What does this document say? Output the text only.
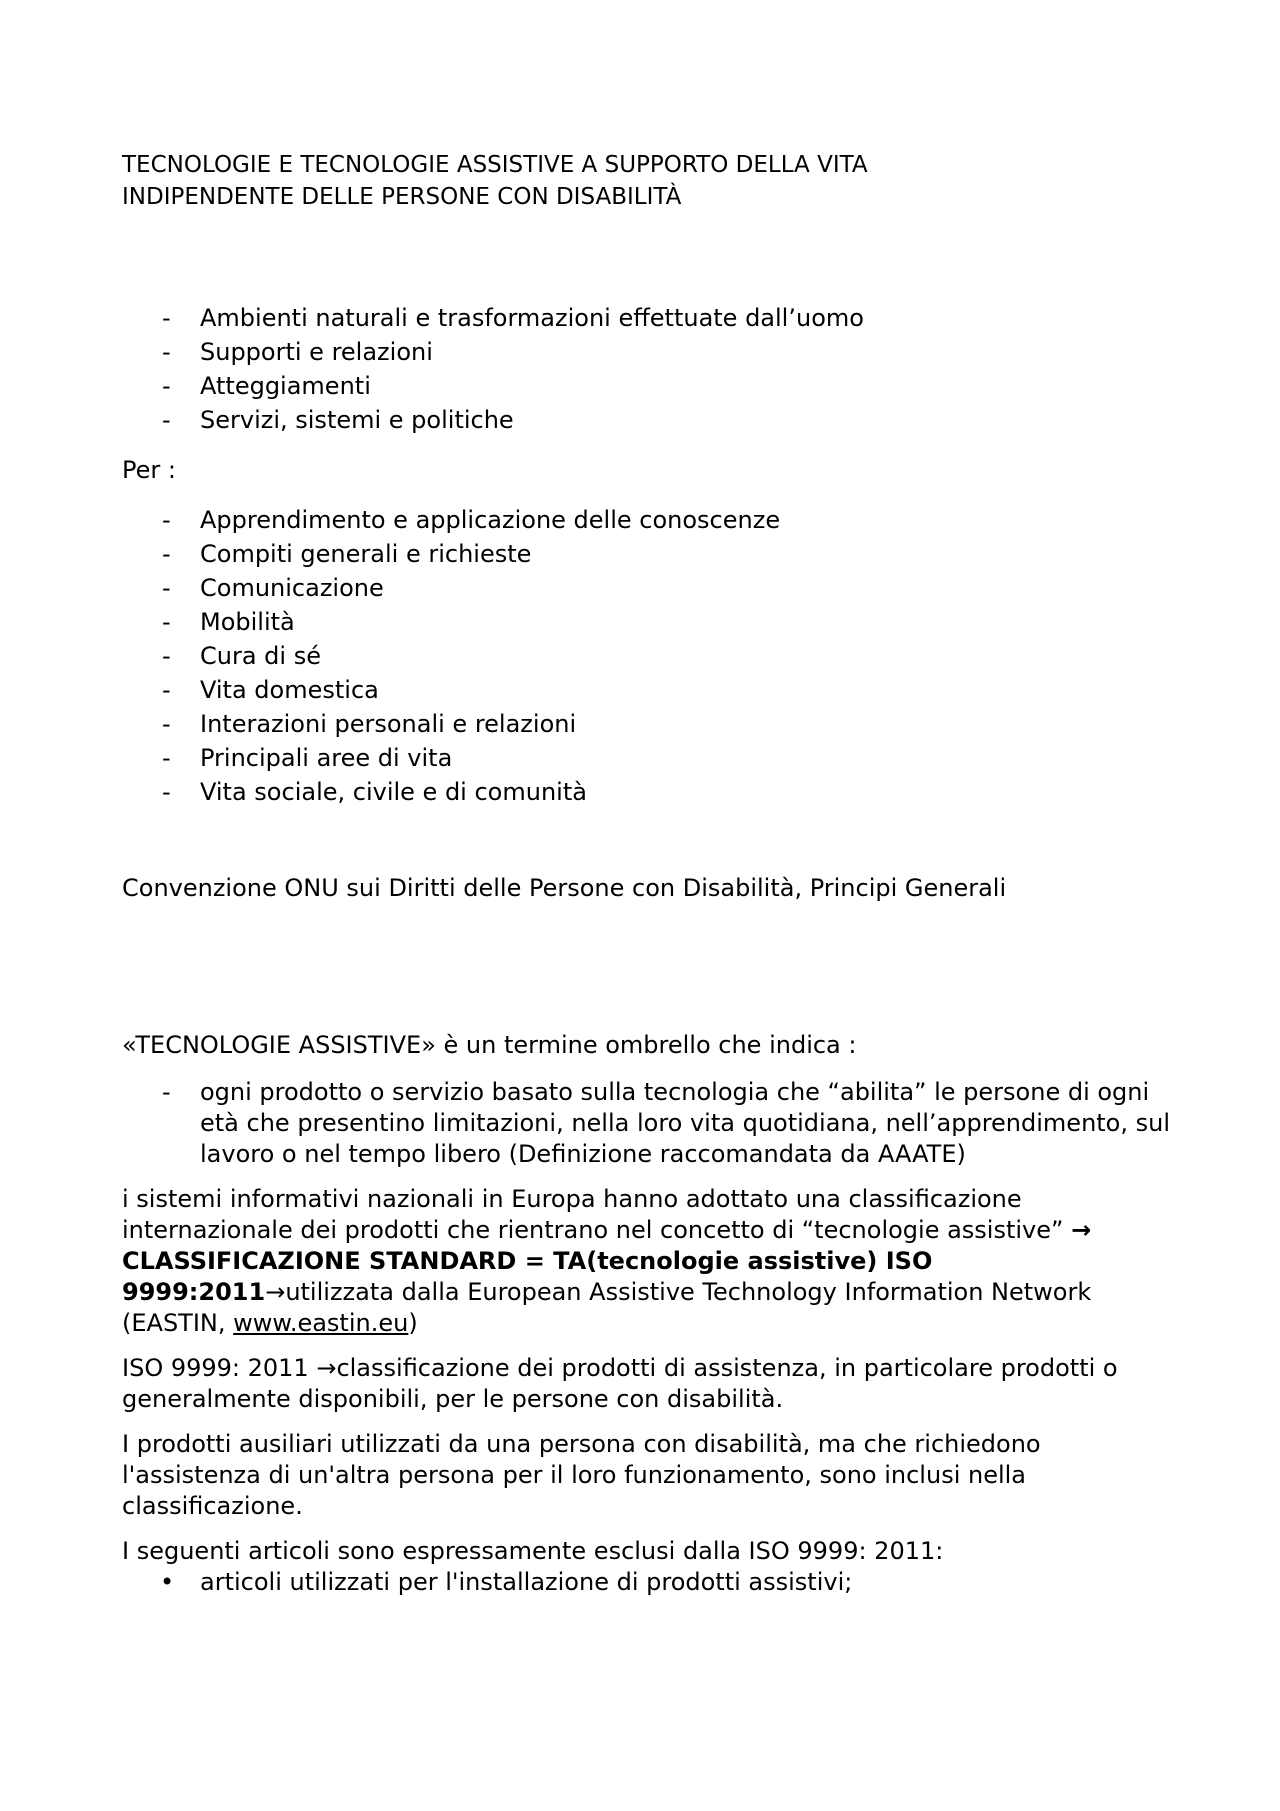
TECNOLOGIE E TECNOLOGIE ASSISTIVE A SUPPORTO DELLA VITA
INDIPENDENTE DELLE PERSONE CON DISABILITÀ
- Ambienti naturali e trasformazioni effettuate dall’uomo
- Supporti e relazioni
- Atteggiamenti
- Servizi, sistemi e politiche

Per :

- Apprendimento e applicazione delle conoscenze
- Compiti generali e richieste
- Comunicazione
- Mobilità
- Cura di sé
- Vita domestica
- Interazioni personali e relazioni
- Principali aree di vita
- Vita sociale, civile e di comunità

Convenzione ONU sui Diritti delle Persone con Disabilità, Principi Generali

«TECNOLOGIE ASSISTIVE» è un termine ombrello che indica :

- ogni prodotto o servizio basato sulla tecnologia che “abilita” le persone di ogni età che presentino limitazioni, nella loro vita quotidiana, nell’apprendimento, sul lavoro o nel tempo libero (Definizione raccomandata da AAATE)

i sistemi informativi nazionali in Europa hanno adottato una classificazione internazionale dei prodotti che rientrano nel concetto di “tecnologie assistive” → CLASSIFICAZIONE STANDARD = TA(tecnologie assistive) ISO 9999:2011→utilizzata dalla European Assistive Technology Information Network (EASTIN, www.eastin.eu)

ISO 9999: 2011 →classificazione dei prodotti di assistenza, in particolare prodotti o generalmente disponibili, per le persone con disabilità.

I prodotti ausiliari utilizzati da una persona con disabilità, ma che richiedono l'assistenza di un'altra persona per il loro funzionamento, sono inclusi nella classificazione.

I seguenti articoli sono espressamente esclusi dalla ISO 9999: 2011:

• articoli utilizzati per l'installazione di prodotti assistivi;
